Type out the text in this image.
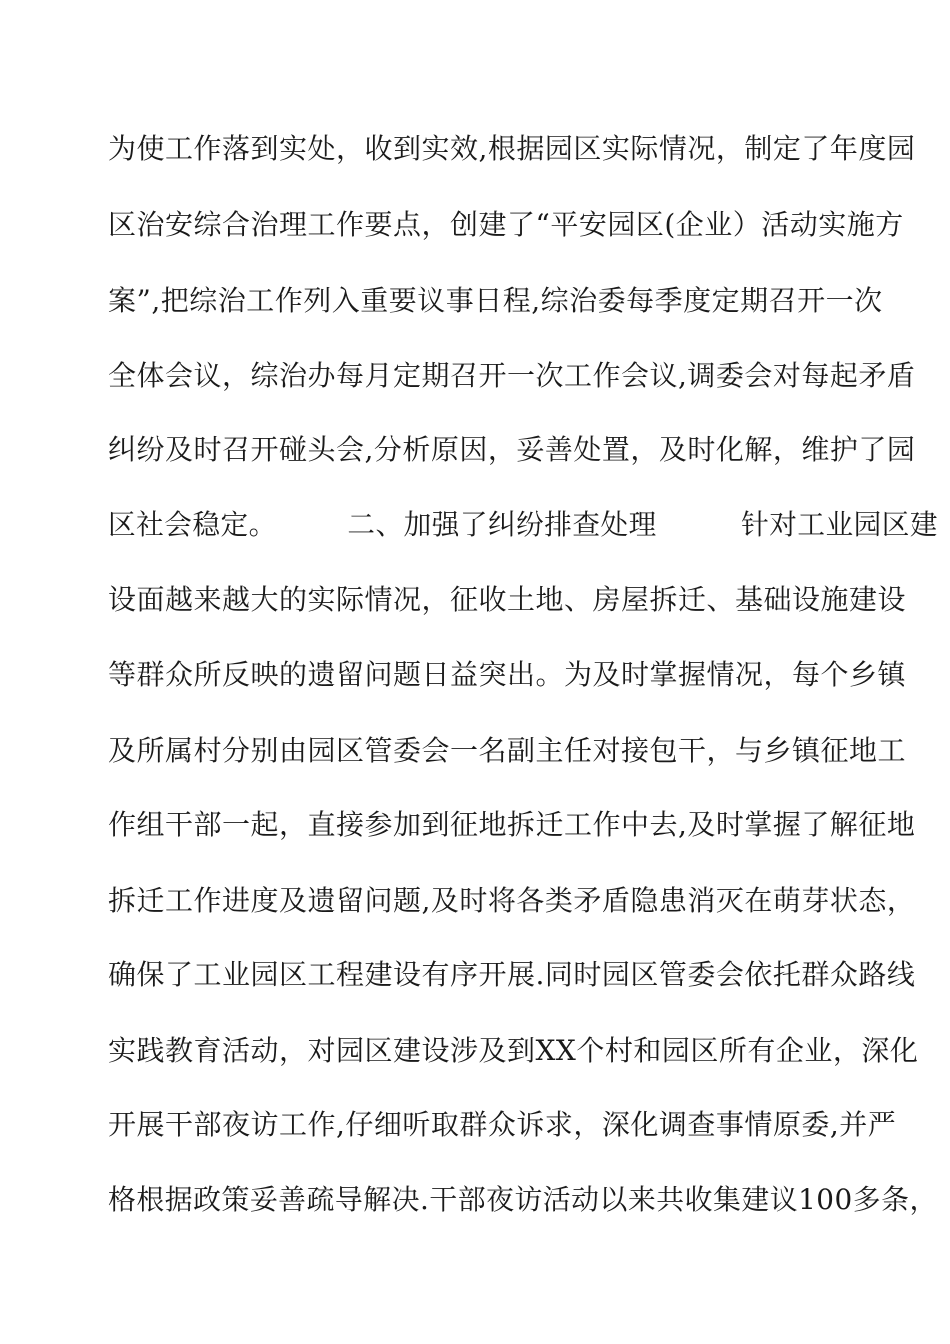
为使工作落到实处，收到实效,根据园区实际情况，制定了年度园
区治安综合治理工作要点，创建了“平安园区(企业）活动实施方
案”,把综治工作列入重要议事日程,综治委每季度定期召开一次
全体会议，综治办每月定期召开一次工作会议,调委会对每起矛盾
纠纷及时召开碰头会,分析原因，妥善处置，及时化解，维护了园
区社会稳定。　　　二、加强了纠纷排查处理　　　针对工业园区建
设面越来越大的实际情况，征收土地、房屋拆迁、基础设施建设
等群众所反映的遗留问题日益突出。为及时掌握情况，每个乡镇
及所属村分别由园区管委会一名副主任对接包干，与乡镇征地工
作组干部一起，直接参加到征地拆迁工作中去,及时掌握了解征地
拆迁工作进度及遗留问题,及时将各类矛盾隐患消灭在萌芽状态，
确保了工业园区工程建设有序开展.同时园区管委会依托群众路线
实践教育活动，对园区建设涉及到XX个村和园区所有企业，深化
开展干部夜访工作,仔细听取群众诉求，深化调查事情原委,并严
格根据政策妥善疏导解决.干部夜访活动以来共收集建议100多条，
